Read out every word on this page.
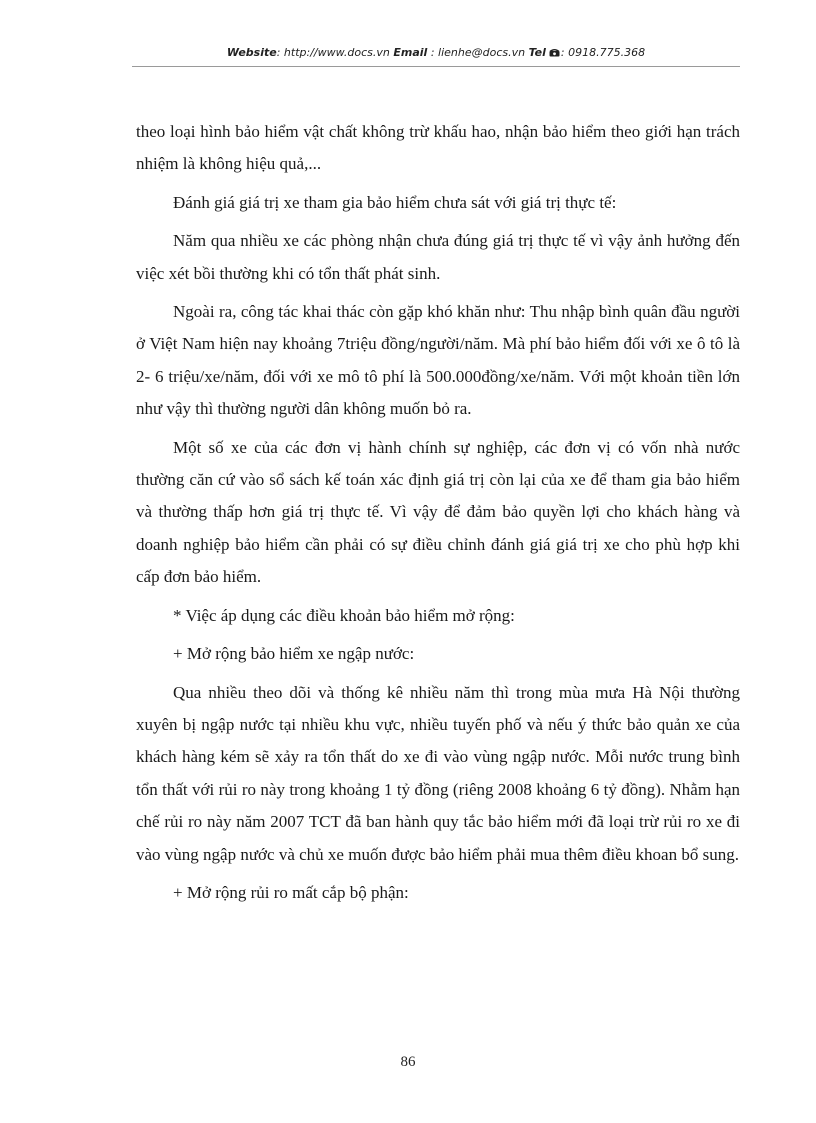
Website: http://www.docs.vn Email : lienhe@docs.vn Tel : 0918.775.368

theo loại hình bảo hiểm vật chất không trừ khấu hao, nhận bảo hiểm theo giới hạn trách nhiệm là không hiệu quả,...

Đánh giá giá trị xe tham gia bảo hiểm chưa sát với giá trị thực tế:

Năm qua nhiều xe các phòng nhận chưa đúng giá trị thực tế vì vậy ảnh hưởng đến việc xét bồi thường khi có tổn thất phát sinh.

Ngoài ra, công tác khai thác còn gặp khó khăn như: Thu nhập bình quân đầu người ở Việt Nam hiện nay khoảng 7triệu đồng/người/năm. Mà phí bảo hiểm đối với xe ô tô là 2- 6 triệu/xe/năm, đối với xe mô tô phí là 500.000đồng/xe/năm. Với một khoản tiền lớn như vậy thì thường người dân không muốn bỏ ra.

Một số xe của các đơn vị hành chính sự nghiệp, các đơn vị có vốn nhà nước thường căn cứ vào sổ sách kế toán xác định giá trị còn lại của xe để tham gia bảo hiểm và thường thấp hơn giá trị thực tế. Vì vậy để đảm bảo quyền lợi cho khách hàng và doanh nghiệp bảo hiểm cần phải có sự điều chỉnh đánh giá giá trị xe cho phù hợp khi cấp đơn bảo hiểm.

* Việc áp dụng các điều khoản bảo hiểm mở rộng:

+ Mở rộng bảo hiểm xe ngập nước:

Qua nhiều theo dõi và thống kê nhiều năm thì trong mùa mưa Hà Nội thường xuyên bị ngập nước tại nhiều khu vực, nhiều tuyến phố và nếu ý thức bảo quản xe của khách hàng kém sẽ xảy ra tổn thất do xe đi vào vùng ngập nước. Mỗi nước trung bình tổn thất với rủi ro này trong khoảng 1 tỷ đồng (riêng 2008 khoảng 6 tỷ đồng). Nhằm hạn chế rủi ro này năm 2007 TCT đã ban hành quy tắc bảo hiểm mới đã loại trừ rủi ro xe đi vào vùng ngập nước và chủ xe muốn được bảo hiểm phải mua thêm điều khoan bổ sung.

+ Mở rộng rủi ro mất cắp bộ phận:

86
